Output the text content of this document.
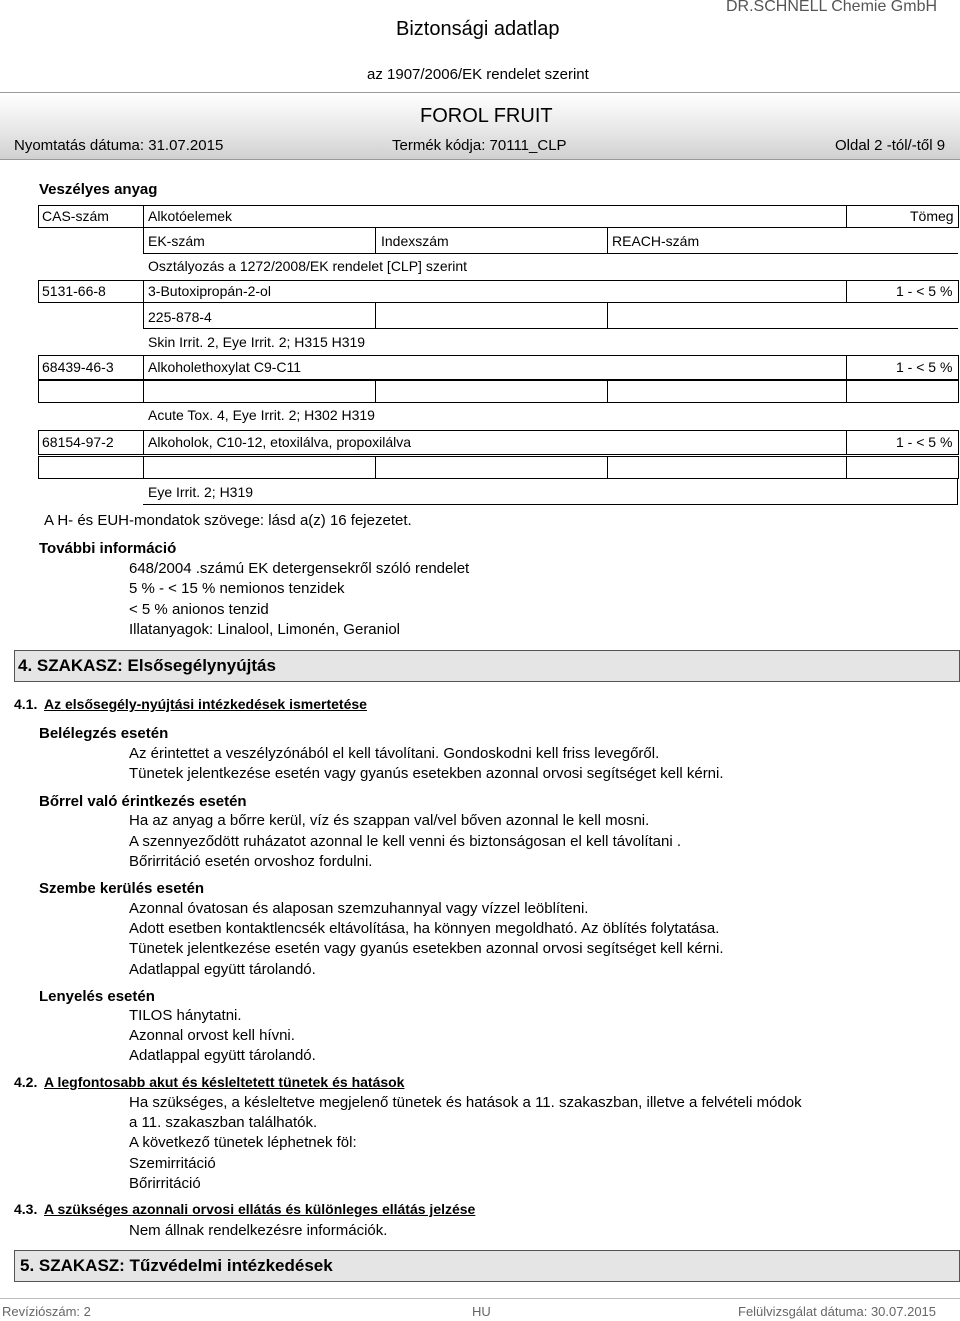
Biztonsági adatlap
DR.SCHNELL Chemie GmbH
az 1907/2006/EK rendelet szerint
FOROL FRUIT
Nyomtatás dátuma: 31.07.2015	Termék kódja: 70111_CLP	Oldal 2 -tól/-től 9
Veszélyes anyag
CAS-szám	Alkotóelemek	Tömeg
EK-szám	Indexszám	REACH-szám
Osztályozás a 1272/2008/EK rendelet [CLP] szerint
5131-66-8	3-Butoxipropán-2-ol	1 - < 5 %
225-878-4
Skin Irrit. 2, Eye Irrit. 2; H315 H319
68439-46-3 Alkoholethoxylat C9-C11	1 - < 5 %
Acute Tox. 4, Eye Irrit. 2; H302 H319
68154-97-2 Alkoholok, C10-12, etoxilálva, propoxilálva	1 - < 5 %
Eye Irrit. 2; H319
A H- és EUH-mondatok szövege: lásd a(z) 16 fejezetet.
További információ
648/2004 .számú EK detergensekről szóló rendelet
5 % - < 15 % nemionos tenzidek
< 5 % anionos tenzid
Illatanyagok: Linalool, Limonén, Geraniol
4. SZAKASZ: Elsősegélynyújtás
4.1. Az elsősegély-nyújtási intézkedések ismertetése
Belélegzés esetén
Az érintettet a veszélyzónából el kell távolítani. Gondoskodni kell friss levegőről.
Tünetek jelentkezése esetén vagy gyanús esetekben azonnal orvosi segítséget kell kérni.
Bőrrel való érintkezés esetén
Ha az anyag a bőrre kerül, víz és szappan val/vel bőven azonnal le kell mosni.
A szennyeződött ruházatot azonnal le kell venni és biztonságosan el kell távolítani .
Bőrirritáció esetén orvoshoz fordulni.
Szembe kerülés esetén
Azonnal óvatosan és alaposan szemzuhannyal vagy vízzel leöblíteni.
Adott esetben kontaktlencsék eltávolítása, ha könnyen megoldható. Az öblítés folytatása.
Tünetek jelentkezése esetén vagy gyanús esetekben azonnal orvosi segítséget kell kérni.
Adatlappal együtt tárolandó.
Lenyelés esetén
TILOS hánytatni.
Azonnal orvost kell hívni.
Adatlappal együtt tárolandó.
4.2. A legfontosabb akut és késleltetett tünetek és hatások
Ha szükséges, a késleltetve megjelenő tünetek és hatások a 11. szakaszban, illetve a felvételi módok
a 11. szakaszban találhatók.
A következő tünetek léphetnek föl:
Szemirritáció
Bőrirritáció
4.3. A szükséges azonnali orvosi ellátás és különleges ellátás jelzése
Nem állnak rendelkezésre információk.
5. SZAKASZ: Tűzvédelmi intézkedések
Revíziószám: 2	HU	Felülvizsgálat dátuma: 30.07.2015
